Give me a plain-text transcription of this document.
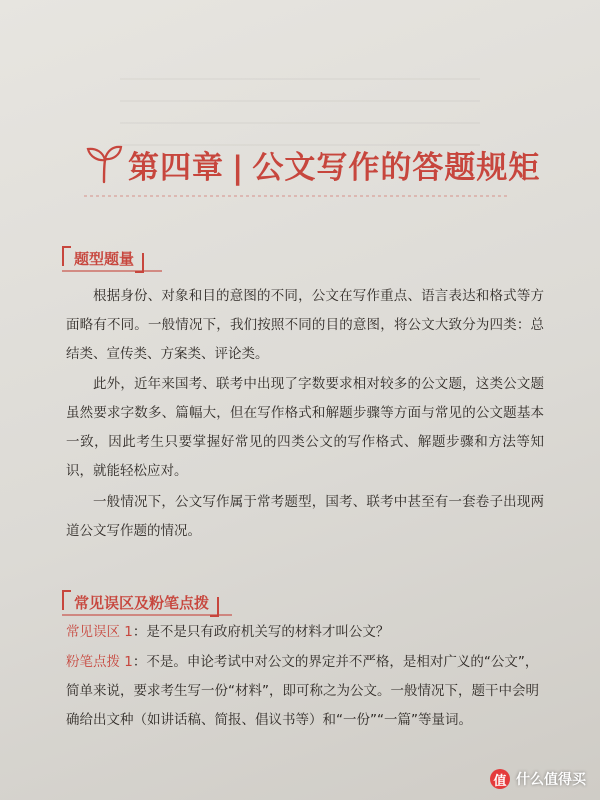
第四章 | 公文写作的答题规矩
题型题量

根据身份、对象和目的意图的不同，公文在写作重点、语言表达和格式等方面略有不同。一般情况下，我们按照不同的目的意图，将公文大致分为四类：总结类、宣传类、方案类、评论类。

此外，近年来国考、联考中出现了字数要求相对较多的公文题，这类公文题虽然要求字数多、篇幅大，但在写作格式和解题步骤等方面与常见的公文题基本一致，因此考生只要掌握好常见的四类公文的写作格式、解题步骤和方法等知识，就能轻松应对。

一般情况下，公文写作属于常考题型，国考、联考中甚至有一套卷子出现两道公文写作题的情况。

常见误区及粉笔点拨
常见误区 1：是不是只有政府机关写的材料才叫公文？
粉笔点拨 1：不是。申论考试中对公文的界定并不严格，是相对广义的“公文”，简单来说，要求考生写一份“材料”，即可称之为公文。一般情况下，题干中会明确给出文种（如讲话稿、简报、倡议书等）和“一份”“一篇”等量词。
值 什么值得买
